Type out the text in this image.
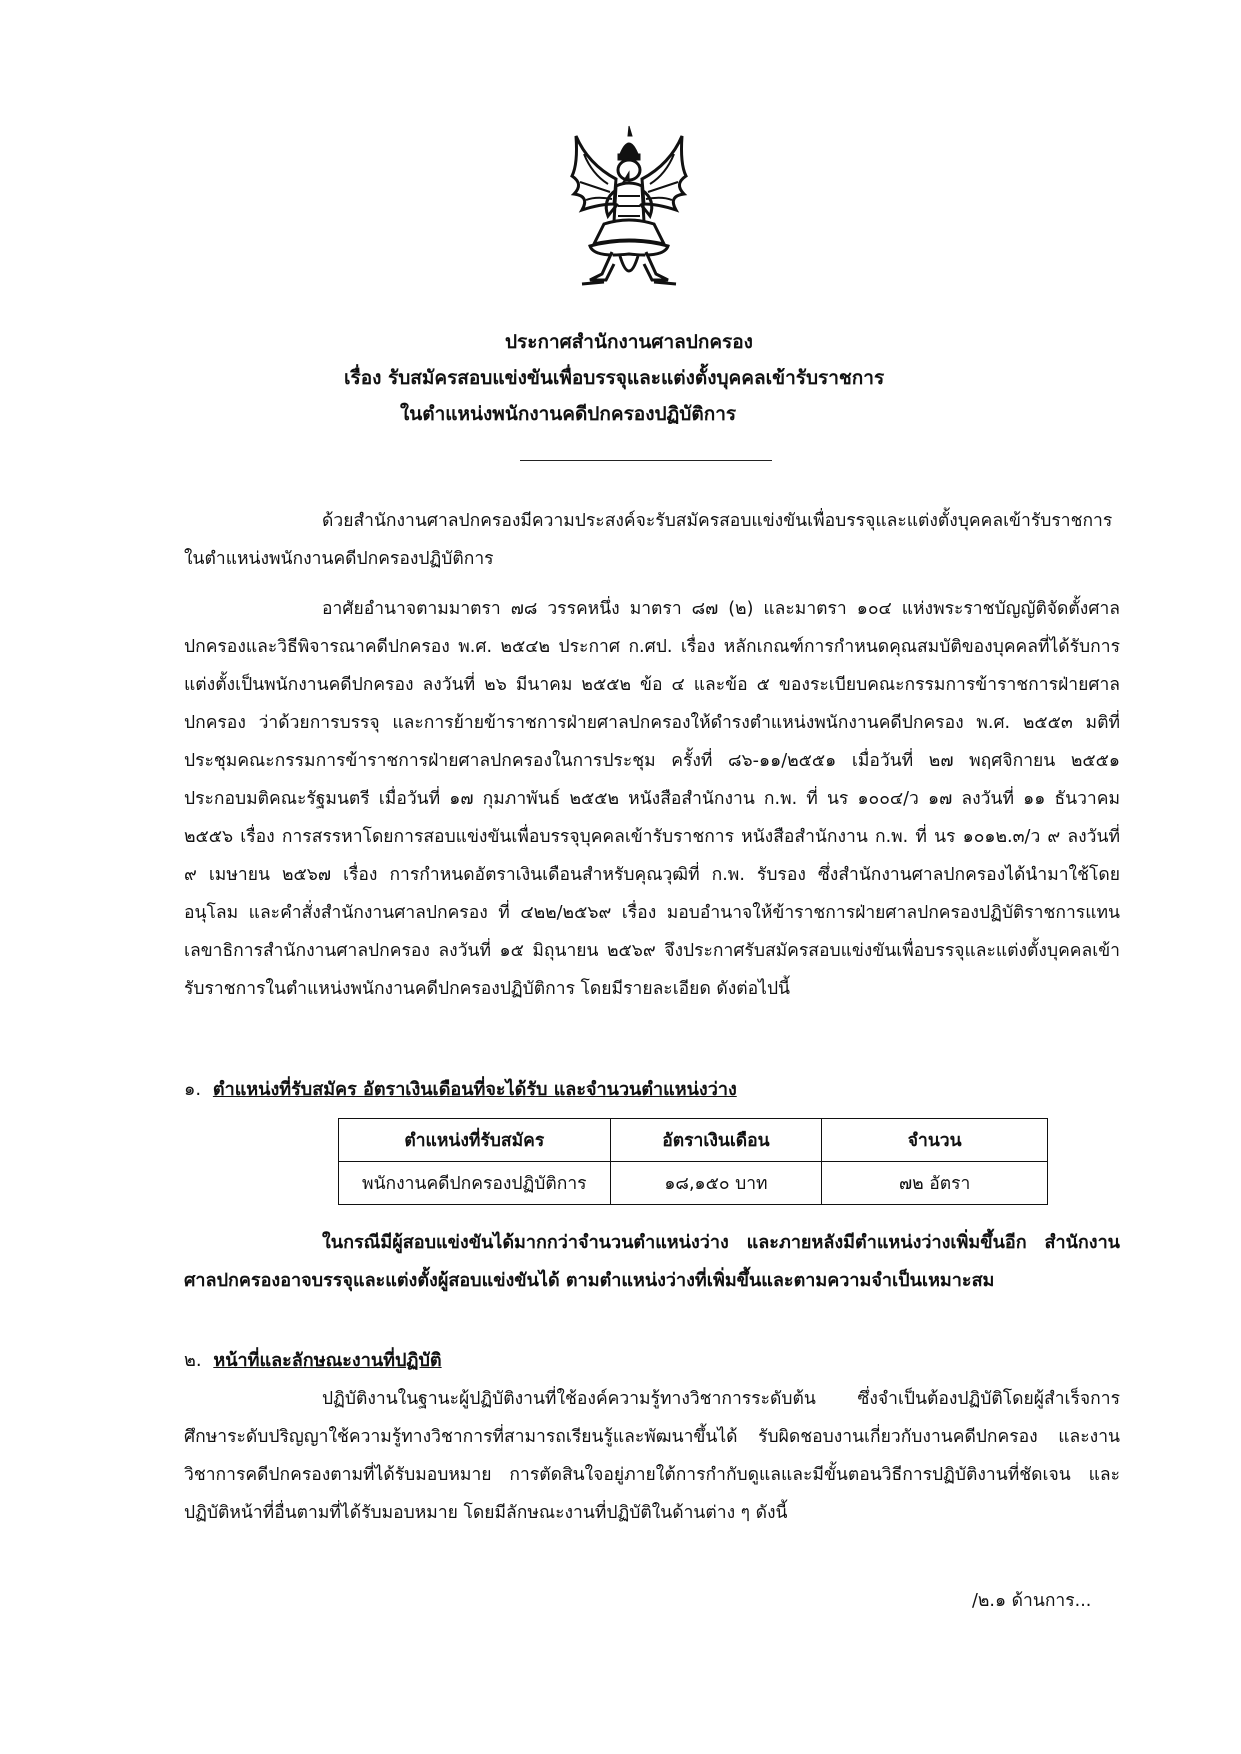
ประกาศสำนักงานศาลปกครอง
เรื่อง รับสมัครสอบแข่งขันเพื่อบรรจุและแต่งตั้งบุคคลเข้ารับราชการ
ในตำแหน่งพนักงานคดีปกครองปฏิบัติการ

ด้วยสำนักงานศาลปกครองมีความประสงค์จะรับสมัครสอบแข่งขันเพื่อบรรจุและแต่งตั้งบุคคลเข้ารับราชการในตำแหน่งพนักงานคดีปกครองปฏิบัติการ

อาศัยอำนาจตามมาตรา ๗๘ วรรคหนึ่ง มาตรา ๘๗ (๒) และมาตรา ๑๐๔ แห่งพระราชบัญญัติจัดตั้งศาลปกครองและวิธีพิจารณาคดีปกครอง พ.ศ. ๒๕๔๒ ประกาศ ก.ศป. เรื่อง หลักเกณฑ์การกำหนดคุณสมบัติของบุคคลที่ได้รับการแต่งตั้งเป็นพนักงานคดีปกครอง ลงวันที่ ๒๖ มีนาคม ๒๕๕๒ ข้อ ๔ และข้อ ๕ ของระเบียบคณะกรรมการข้าราชการฝ่ายศาลปกครอง ว่าด้วยการบรรจุ และการย้ายข้าราชการฝ่ายศาลปกครองให้ดำรงตำแหน่งพนักงานคดีปกครอง พ.ศ. ๒๕๕๓ มติที่ประชุมคณะกรรมการข้าราชการฝ่ายศาลปกครองในการประชุม ครั้งที่ ๘๖-๑๑/๒๕๕๑ เมื่อวันที่ ๒๗ พฤศจิกายน ๒๕๕๑ ประกอบมติคณะรัฐมนตรี เมื่อวันที่ ๑๗ กุมภาพันธ์ ๒๕๕๒ หนังสือสำนักงาน ก.พ. ที่ นร ๑๐๐๔/ว ๑๗ ลงวันที่ ๑๑ ธันวาคม ๒๕๕๖ เรื่อง การสรรหาโดยการสอบแข่งขันเพื่อบรรจุบุคคลเข้ารับราชการ หนังสือสำนักงาน ก.พ. ที่ นร ๑๐๑๒.๓/ว ๙ ลงวันที่ ๙ เมษายน ๒๕๖๗ เรื่อง การกำหนดอัตราเงินเดือนสำหรับคุณวุฒิที่ ก.พ. รับรอง ซึ่งสำนักงานศาลปกครองได้นำมาใช้โดยอนุโลม และคำสั่งสำนักงานศาลปกครอง ที่ ๔๒๒/๒๕๖๙ เรื่อง มอบอำนาจให้ข้าราชการฝ่ายศาลปกครองปฏิบัติราชการแทนเลขาธิการสำนักงานศาลปกครอง ลงวันที่ ๑๕ มิถุนายน ๒๕๖๙ จึงประกาศรับสมัครสอบแข่งขันเพื่อบรรจุและแต่งตั้งบุคคลเข้ารับราชการในตำแหน่งพนักงานคดีปกครองปฏิบัติการ โดยมีรายละเอียด ดังต่อไปนี้

๑. ตำแหน่งที่รับสมัคร อัตราเงินเดือนที่จะได้รับ และจำนวนตำแหน่งว่าง
ตำแหน่งที่รับสมัคร	อัตราเงินเดือน	จำนวน
พนักงานคดีปกครองปฏิบัติการ	๑๘,๑๕๐ บาท	๗๒ อัตรา

ในกรณีมีผู้สอบแข่งขันได้มากกว่าจำนวนตำแหน่งว่าง และภายหลังมีตำแหน่งว่างเพิ่มขึ้นอีก สำนักงานศาลปกครองอาจบรรจุและแต่งตั้งผู้สอบแข่งขันได้ ตามตำแหน่งว่างที่เพิ่มขึ้นและตามความจำเป็นเหมาะสม

๒. หน้าที่และลักษณะงานที่ปฏิบัติ

ปฏิบัติงานในฐานะผู้ปฏิบัติงานที่ใช้องค์ความรู้ทางวิชาการระดับต้น ซึ่งจำเป็นต้องปฏิบัติโดยผู้สำเร็จการศึกษาระดับปริญญาใช้ความรู้ทางวิชาการที่สามารถเรียนรู้และพัฒนาขึ้นได้ รับผิดชอบงานเกี่ยวกับงานคดีปกครอง และงานวิชาการคดีปกครองตามที่ได้รับมอบหมาย การตัดสินใจอยู่ภายใต้การกำกับดูแลและมีขั้นตอนวิธีการปฏิบัติงานที่ชัดเจน และปฏิบัติหน้าที่อื่นตามที่ได้รับมอบหมาย โดยมีลักษณะงานที่ปฏิบัติในด้านต่าง ๆ ดังนี้

/๒.๑ ด้านการ...
